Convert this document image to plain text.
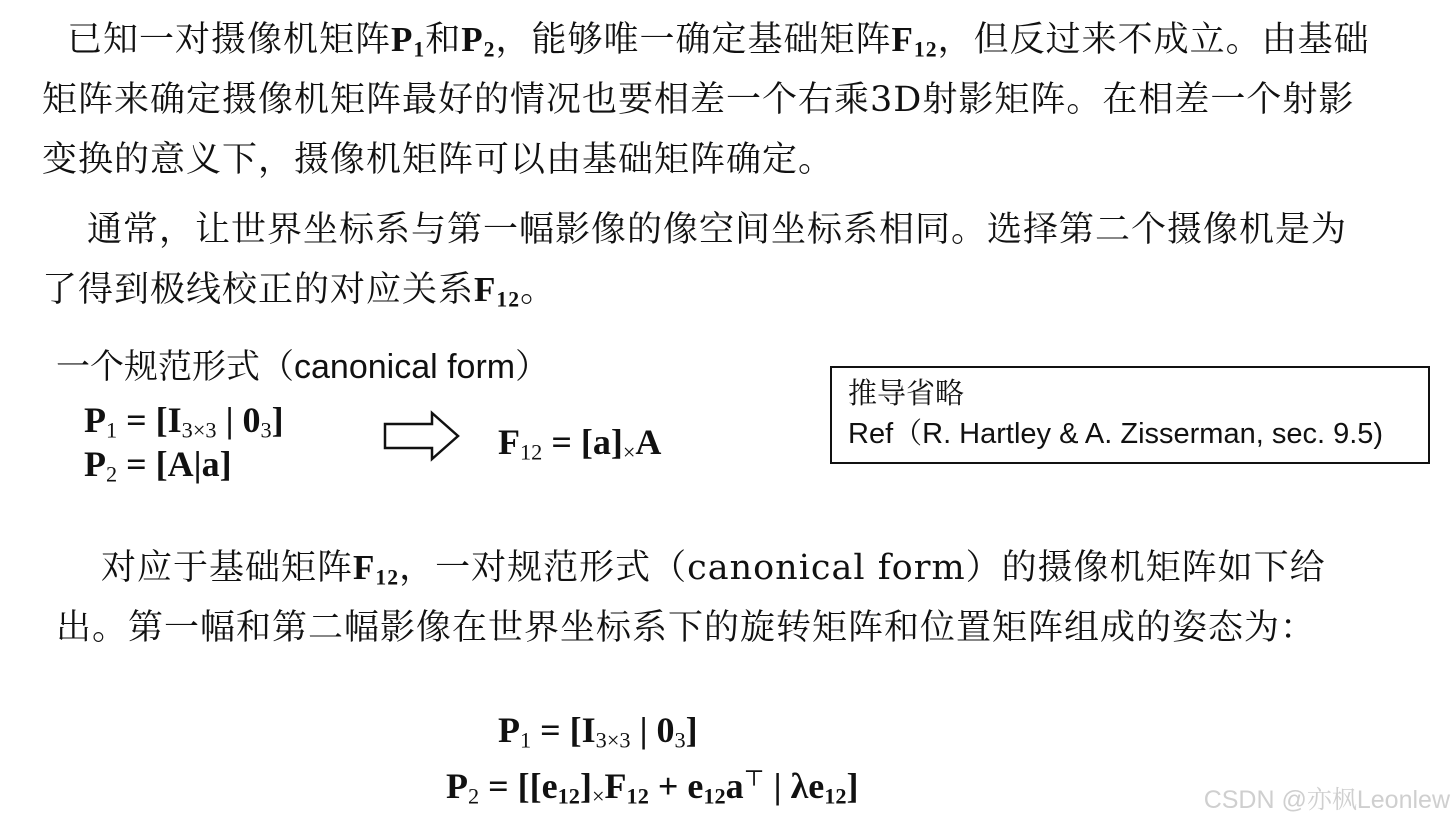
已知一对摄像机矩阵$P_1$和$P_2$，能够唯一确定基础矩阵$F_{12}$，但反过来不成立。由基础矩阵来确定摄像机矩阵最好的情况也要相差一个右乘3D射影矩阵。在相差一个射影变换的意义下，摄像机矩阵可以由基础矩阵确定。
通常，让世界坐标系与第一幅影像的像空间坐标系相同。选择第二个摄像机是为了得到极线校正的对应关系$F_{12}$。
一个规范形式（canonical form）
$P_1 = [I_{3\times 3}$ | $0_3$]
$P_2 = [A|a]$
$F_{12} = [a]_\times A$
推导省略
Ref（R. Hartley & A. Zisserman, sec. 9.5)
对应于基础矩阵$F_{12}$，一对规范形式（canonical form）的摄像机矩阵如下给出。第一幅和第二幅影像在世界坐标系下的旋转矩阵和位置矩阵组成的姿态为：
$P_1 = [I_{3\times 3}$ | $0_3$]
$P_2 = [[e_{12}]_\times F_{12} + e_{12}a^⊤$ | $\lambda e_{12}$]	CSDN @亦枫Leonlew
